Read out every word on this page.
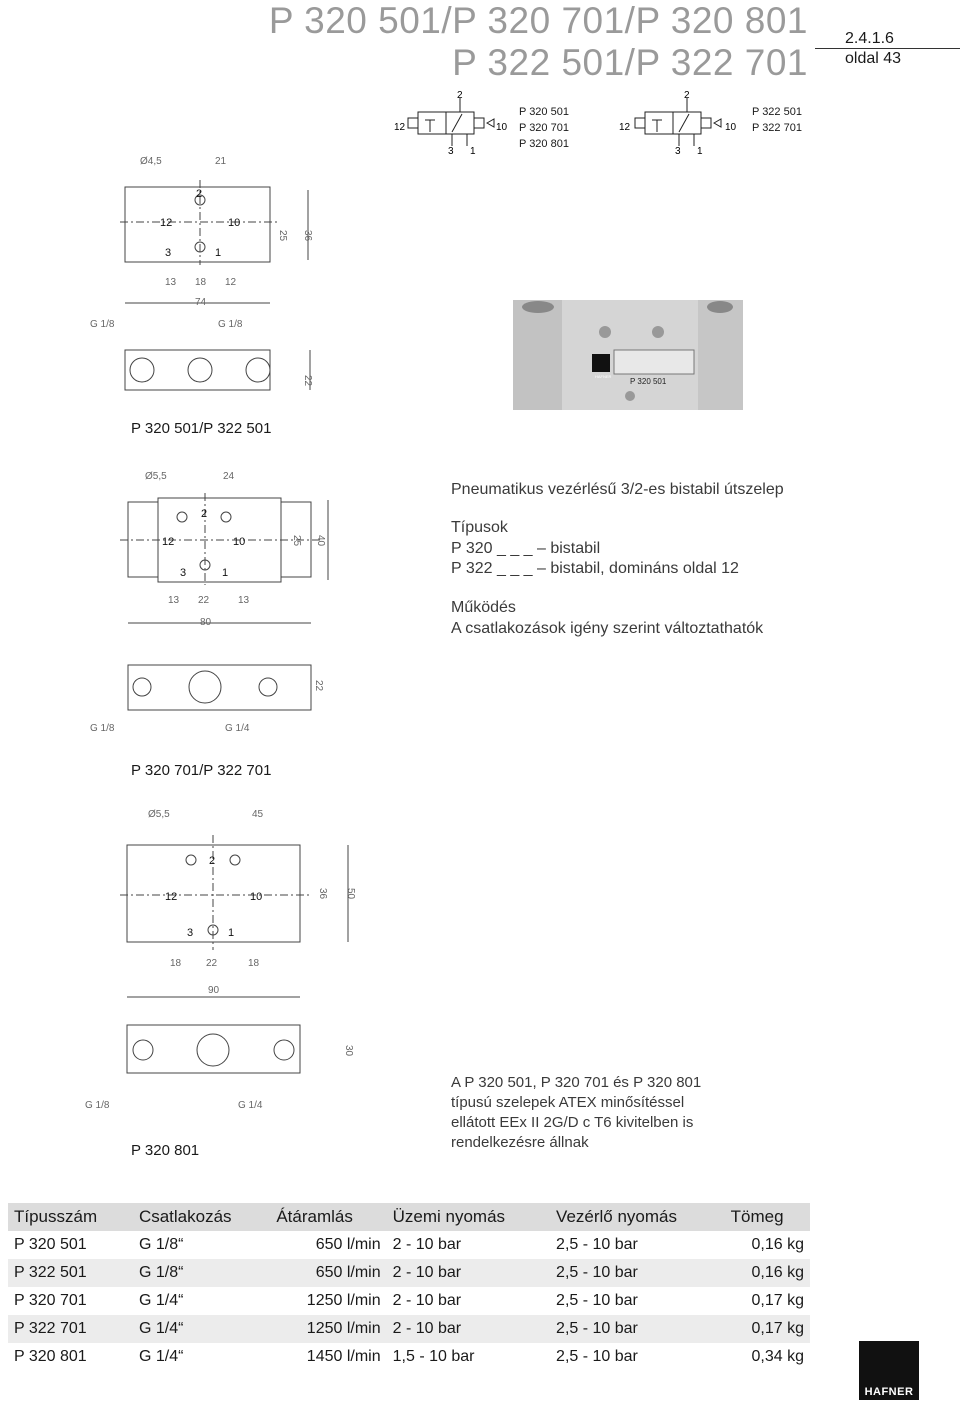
P 320 501/P 320 701/P 320 801
P 322 501/P 322 701
2.4.1.6
oldal 43
12	10
2
3 1
P 320 501
P 320 701
P 320 801
12	10
2
3 1
P 322 501
P 322 701
Ø4,5	21
13 18 12
74
25 36
22
G 1/8	G 1/8
2
12	10
3	1
P 320 501/P 322 501
P 320 501
HAFNER
Pneumatikus vezérlésű 3/2-es bistabil útszelep
Típusok
P 320 _ _ _ – bistabil
P 322 _ _ _ – bistabil, domináns oldal 12
Működés
A csatlakozások igény szerint változtathatók
Ø5,5	24
13 22	13
80
25 40
22
G 1/8	G 1/4
2
12	10
3	1
P 320 701/P 322 701
Ø5,5	45
18 22	18
90
36 50
30
G 1/8	G 1/4
2
12	10
3	1
P 320 801
A P 320 501, P 320 701 és P 320 801
típusú szelepek ATEX minősítéssel
ellátott EEx II 2G/D c T6 kivitelben is
rendelkezésre állnak
Típusszám	Csatlakozás	Átáramlás	Üzemi nyomás	Vezérlő nyomás	Tömeg
P 320 501	G 1/8“	650 l/min	2 - 10 bar	2,5 - 10 bar	0,16 kg
P 322 501	G 1/8“	650 l/min	2 - 10 bar	2,5 - 10 bar	0,16 kg
P 320 701	G 1/4“	1250 l/min	2 - 10 bar	2,5 - 10 bar	0,17 kg
P 322 701	G 1/4“	1250 l/min	2 - 10 bar	2,5 - 10 bar	0,17 kg
P 320 801	G 1/4“	1450 l/min	1,5 - 10 bar	2,5 - 10 bar	0,34 kg
HAFNER
